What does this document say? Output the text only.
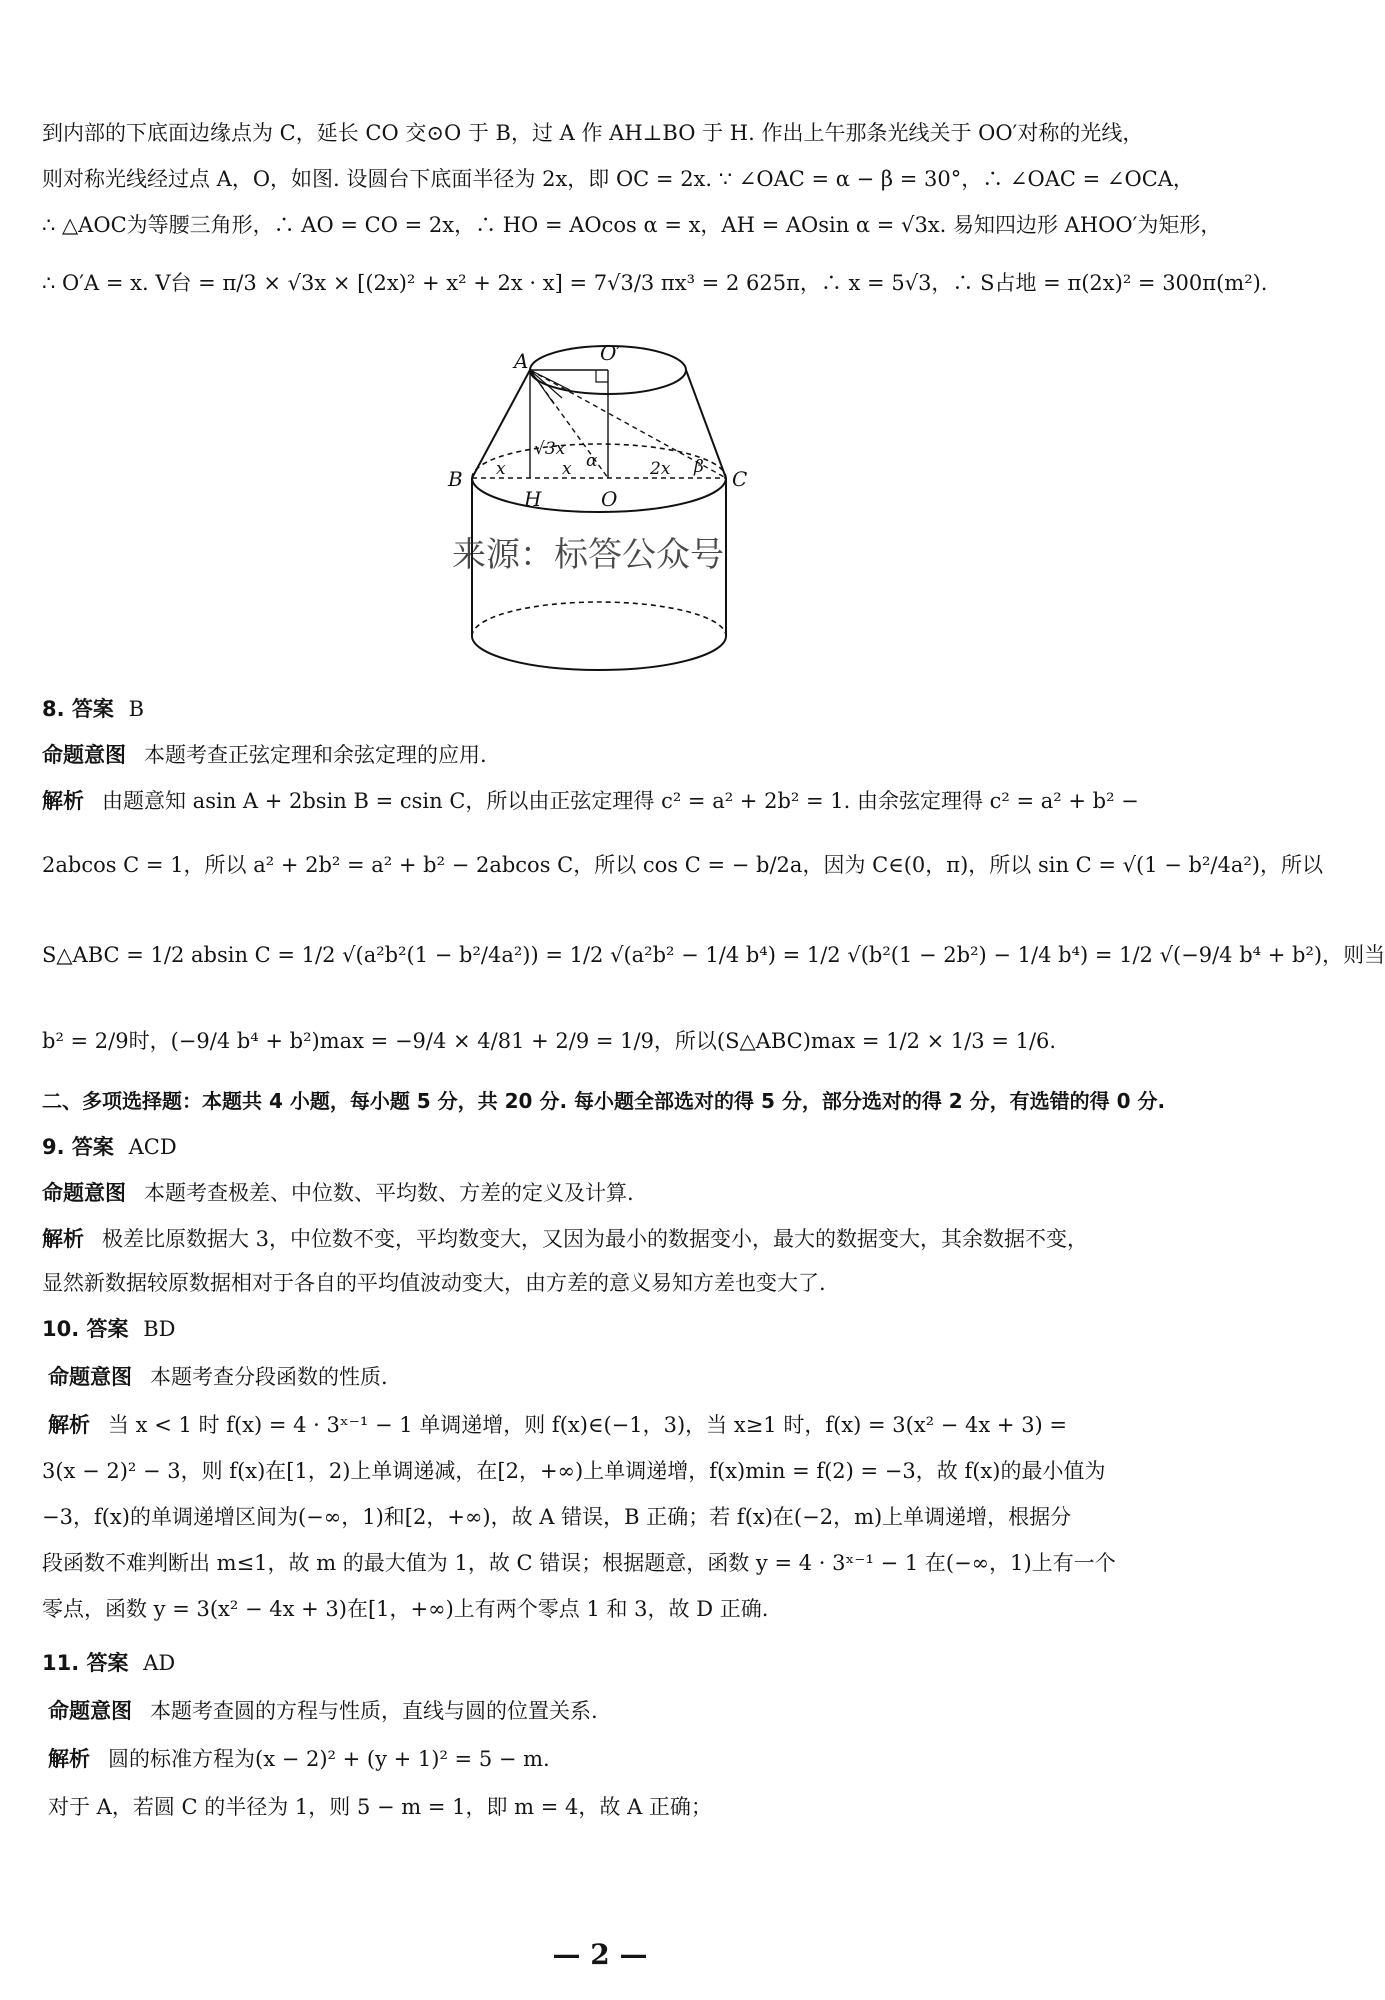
到内部的下底面边缘点为 C，延长 CO 交⊙O 于 B，过 A 作 AH⊥BO 于 H. 作出上午那条光线关于 OO′对称的光线，
则对称光线经过点 A，O，如图. 设圆台下底面半径为 2x，即 OC = 2x. ∵ ∠OAC = α − β = 30°，∴ ∠OAC = ∠OCA，
∴ △AOC为等腰三角形，∴ AO = CO = 2x，∴ HO = AOcos α = x，AH = AOsin α = √3x. 易知四边形 AHOO′为矩形，
∴ O′A = x. V台 = π/3 × √3x × [(2x)² + x² + 2x · x] = 7√3/3 πx³ = 2 625π，∴ x = 5√3，∴ S占地 = π(2x)² = 300π(m²).
A	O′
B	C
H	O
√3x
x	x α	2x β
来源：标答公众号
8. 答案 B
命题意图 本题考查正弦定理和余弦定理的应用.
解析 由题意知 asin A + 2bsin B = csin C，所以由正弦定理得 c² = a² + 2b² = 1. 由余弦定理得 c² = a² + b² −
2abcos C = 1，所以 a² + 2b² = a² + b² − 2abcos C，所以 cos C = − b/2a，因为 C∈(0，π)，所以 sin C = √(1 − b²/4a²)，所以
S△ABC = 1/2 absin C = 1/2 √(a²b²(1 − b²/4a²)) = 1/2 √(a²b² − 1/4 b⁴) = 1/2 √(b²(1 − 2b²) − 1/4 b⁴) = 1/2 √(−9/4 b⁴ + b²)，则当
b² = 2/9时，(−9/4 b⁴ + b²)max = −9/4 × 4/81 + 2/9 = 1/9，所以(S△ABC)max = 1/2 × 1/3 = 1/6.
二、多项选择题：本题共 4 小题，每小题 5 分，共 20 分. 每小题全部选对的得 5 分，部分选对的得 2 分，有选错的得 0 分.
9. 答案 ACD
命题意图 本题考查极差、中位数、平均数、方差的定义及计算.
解析 极差比原数据大 3，中位数不变，平均数变大，又因为最小的数据变小，最大的数据变大，其余数据不变，
显然新数据较原数据相对于各自的平均值波动变大，由方差的意义易知方差也变大了.
10. 答案 BD
命题意图 本题考查分段函数的性质.
解析 当 x < 1 时 f(x) = 4 · 3ˣ⁻¹ − 1 单调递增，则 f(x)∈(−1，3)，当 x≥1 时，f(x) = 3(x² − 4x + 3) =
3(x − 2)² − 3，则 f(x)在[1，2)上单调递减，在[2，+∞)上单调递增，f(x)min = f(2) = −3，故 f(x)的最小值为
−3，f(x)的单调递增区间为(−∞，1)和[2，+∞)，故 A 错误，B 正确；若 f(x)在(−2，m)上单调递增，根据分
段函数不难判断出 m≤1，故 m 的最大值为 1，故 C 错误；根据题意，函数 y = 4 · 3ˣ⁻¹ − 1 在(−∞，1)上有一个
零点，函数 y = 3(x² − 4x + 3)在[1，+∞)上有两个零点 1 和 3，故 D 正确.
11. 答案 AD
命题意图 本题考查圆的方程与性质，直线与圆的位置关系.
解析 圆的标准方程为(x − 2)² + (y + 1)² = 5 − m.
对于 A，若圆 C 的半径为 1，则 5 − m = 1，即 m = 4，故 A 正确；
— 2 —
